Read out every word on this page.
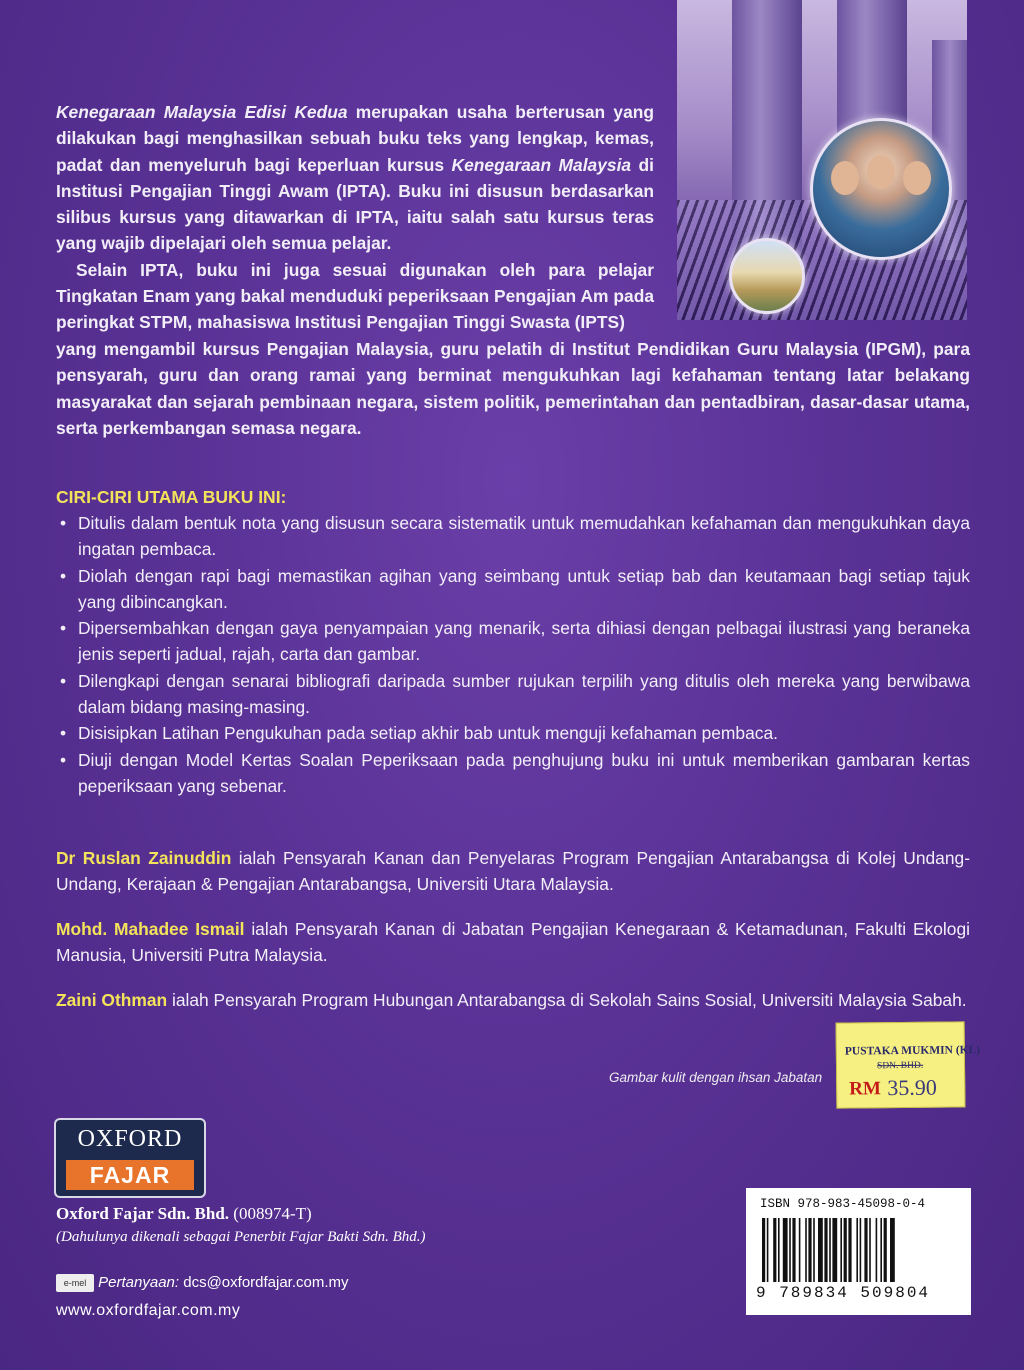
Kenegaraan Malaysia Edisi Kedua merupakan usaha berterusan yang dilakukan bagi menghasilkan sebuah buku teks yang lengkap, kemas, padat dan menyeluruh bagi keperluan kursus Kenegaraan Malaysia di Institusi Pengajian Tinggi Awam (IPTA). Buku ini disusun berdasarkan silibus kursus yang ditawarkan di IPTA, iaitu salah satu kursus teras yang wajib dipelajari oleh semua pelajar.

Selain IPTA, buku ini juga sesuai digunakan oleh para pelajar Tingkatan Enam yang bakal menduduki peperiksaan Pengajian Am pada peringkat STPM, mahasiswa Institusi Pengajian Tinggi Swasta (IPTS)

yang mengambil kursus Pengajian Malaysia, guru pelatih di Institut Pendidikan Guru Malaysia (IPGM), para pensyarah, guru dan orang ramai yang berminat mengukuhkan lagi kefahaman tentang latar belakang masyarakat dan sejarah pembinaan negara, sistem politik, pemerintahan dan pentadbiran, dasar-dasar utama, serta perkembangan semasa negara.

CIRI-CIRI UTAMA BUKU INI:

• Ditulis dalam bentuk nota yang disusun secara sistematik untuk memudahkan kefahaman dan mengukuhkan daya ingatan pembaca.
• Diolah dengan rapi bagi memastikan agihan yang seimbang untuk setiap bab dan keutamaan bagi setiap tajuk yang dibincangkan.
• Dipersembahkan dengan gaya penyampaian yang menarik, serta dihiasi dengan pelbagai ilustrasi yang beraneka jenis seperti jadual, rajah, carta dan gambar.
• Dilengkapi dengan senarai bibliografi daripada sumber rujukan terpilih yang ditulis oleh mereka yang berwibawa dalam bidang masing-masing.
• Disisipkan Latihan Pengukuhan pada setiap akhir bab untuk menguji kefahaman pembaca.
• Diuji dengan Model Kertas Soalan Peperiksaan pada penghujung buku ini untuk memberikan gambaran kertas peperiksaan yang sebenar.

Dr Ruslan Zainuddin ialah Pensyarah Kanan dan Penyelaras Program Pengajian Antarabangsa di Kolej Undang-Undang, Kerajaan & Pengajian Antarabangsa, Universiti Utara Malaysia.

Mohd. Mahadee Ismail ialah Pensyarah Kanan di Jabatan Pengajian Kenegaraan & Ketamadunan, Fakulti Ekologi Manusia, Universiti Putra Malaysia.

Zaini Othman ialah Pensyarah Program Hubungan Antarabangsa di Sekolah Sains Sosial, Universiti Malaysia Sabah.

Gambar kulit dengan ihsan Jabatan
PUSTAKA MUKMIN (KL)
SDN. BHD.
RM 35.90
OXFORD
FAJAR

Oxford Fajar Sdn. Bhd. (008974-T)

(Dahulunya dikenali sebagai Penerbit Fajar Bakti Sdn. Bhd.)

e-mel Pertanyaan: dcs@oxfordfajar.com.my
www.oxfordfajar.com.my
ISBN 978-983-45098-0-4
9 789834 509804
